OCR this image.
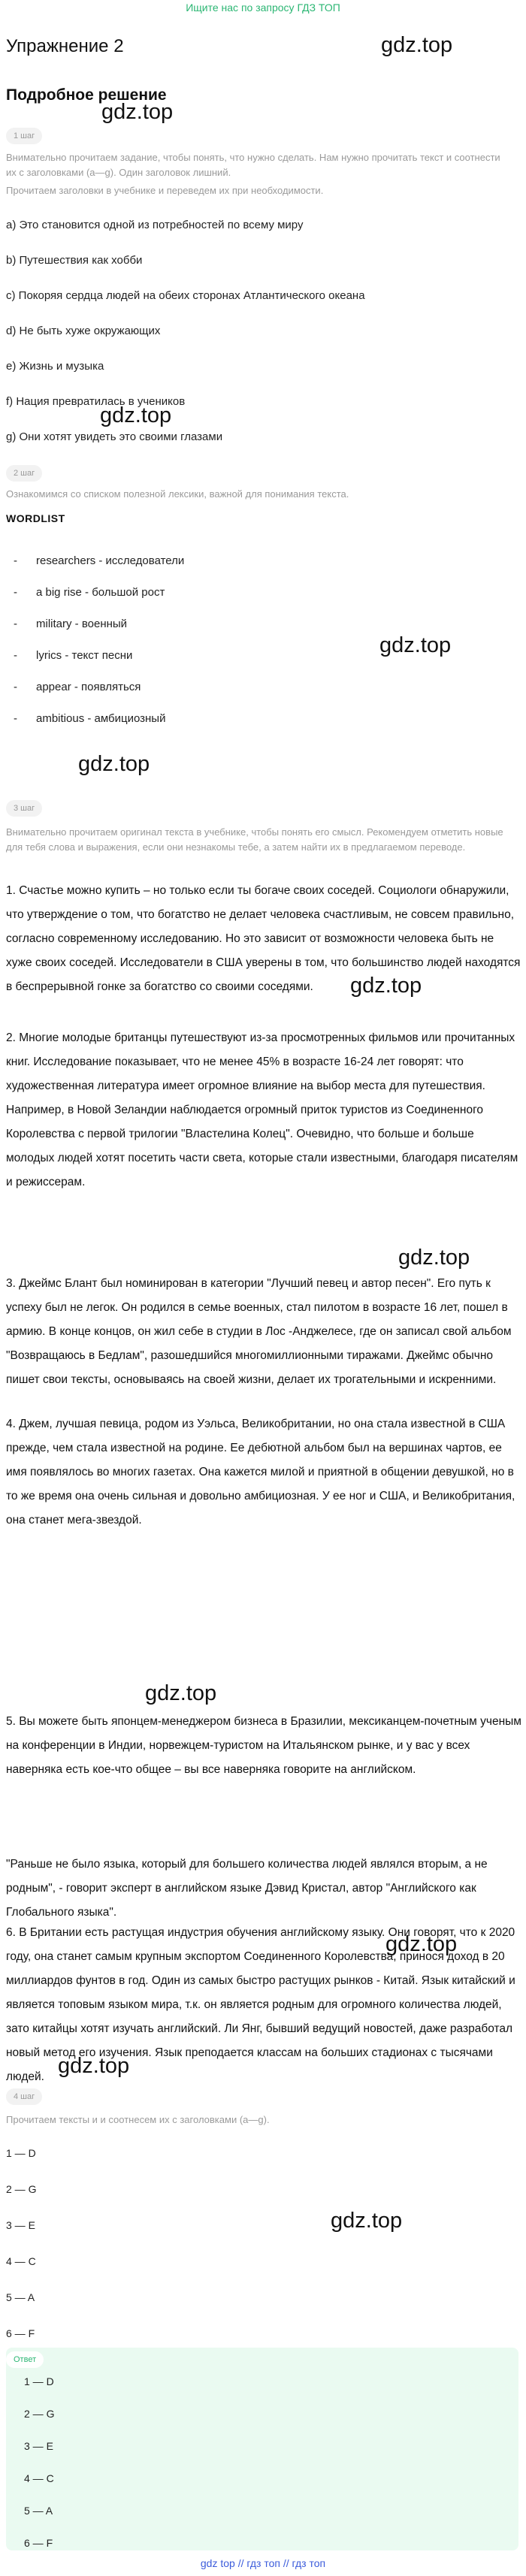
Ищите нас по запросу ГДЗ ТОП
Упражнение 2
Подробное решение
gdz.top
gdz.top
gdz.top
gdz.top
gdz.top
gdz.top
gdz.top
gdz.top
gdz.top
gdz.top
gdz.top
1 шаг

Внимательно прочитаем задание, чтобы понять, что нужно сделать. Нам нужно прочитать текст и соотнести их с заголовками (a—g). Один заголовок лишний.

Прочитаем заголовки в учебнике и переведем их при необходимости.

a) Это становится одной из потребностей по всему миру
b) Путешествия как хобби
c) Покоряя сердца людей на обеих сторонах Атлантического океана
d) Не быть хуже окружающих
e) Жизнь и музыка
f) Нация превратилась в учеников
g) Они хотят увидеть это своими глазами
2 шаг

Ознакомимся со списком полезной лексики, важной для понимания текста.

WORDLIST
- researchers - исследователи
- a big rise - большой рост
- military - военный
- lyrics - текст песни
- appear - появляться
- ambitious - амбициозный
3 шаг

Внимательно прочитаем оригинал текста в учебнике, чтобы понять его смысл. Рекомендуем отметить новые для тебя слова и выражения, если они незнакомы тебе, а затем найти их в предлагаемом переводе.

1. Счастье можно купить – но только если ты богаче своих соседей. Социологи обнаружили, что утверждение о том, что богатство не делает человека счастливым, не совсем правильно, согласно современному исследованию. Но это зависит от возможности человека быть не хуже своих соседей. Исследователи в США уверены в том, что большинство людей находятся в беспрерывной гонке за богатство со своими соседями.

2. Многие молодые британцы путешествуют из-за просмотренных фильмов или прочитанных книг. Исследование показывает, что не менее 45% в возрасте 16-24 лет говорят: что художественная литература имеет огромное влияние на выбор места для путешествия. Например, в Новой Зеландии наблюдается огромный приток туристов из Соединенного Королевства с первой трилогии "Властелина Колец". Очевидно, что больше и больше молодых людей хотят посетить части света, которые стали известными, благодаря писателям и режиссерам.

3. Джеймс Блант был номинирован в категории "Лучший певец и автор песен". Его путь к успеху был не легок. Он родился в семье военных, стал пилотом в возрасте 16 лет, пошел в армию. В конце концов, он жил себе в студии в Лос -Анджелесе, где он записал свой альбом "Возвращаюсь в Бедлам", разошедшийся многомиллионными тиражами. Джеймс обычно пишет свои тексты, основываясь на своей жизни, делает их трогательными и искренними.

4. Джем, лучшая певица, родом из Уэльса, Великобритании, но она стала известной в США прежде, чем стала известной на родине. Ее дебютной альбом был на вершинах чартов, ее имя появлялось во многих газетах. Она кажется милой и приятной в общении девушкой, но в то же время она очень сильная и довольно амбициозная. У ее ног и США, и Великобритания, она станет мега-звездой.

5. Вы можете быть японцем-менеджером бизнеса в Бразилии, мексиканцем-почетным ученым на конференции в Индии, норвежцем-туристом на Итальянском рынке, и у вас у всех наверняка есть кое-что общее – вы все наверняка говорите на английском.

"Раньше не было языка, который для большего количества людей являлся вторым, а не родным", - говорит эксперт в английском языке Дэвид Кристал, автор "Английского как Глобального языка".

6. В Британии есть растущая индустрия обучения английскому языку. Они говорят, что к 2020 году, она станет самым крупным экспортом Соединенного Королевства, принося доход в 20 миллиардов фунтов в год. Один из самых быстро растущих рынков - Китай. Язык китайский и является топовым языком мира, т.к. он является родным для огромного количества людей, зато китайцы хотят изучать английский. Ли Янг, бывший ведущий новостей, даже разработал новый метод его изучения. Язык преподается классам на больших стадионах с тысячами людей.

4 шаг

Прочитаем тексты и и соотнесем их с заголовками (a—g).

1 — D
2 — G
3 — E
4 — C
5 — A
6 — F
Ответ
1 — D
2 — G
3 — E
4 — C
5 — A
6 — F
gdz top // гдз топ // гдз топ
